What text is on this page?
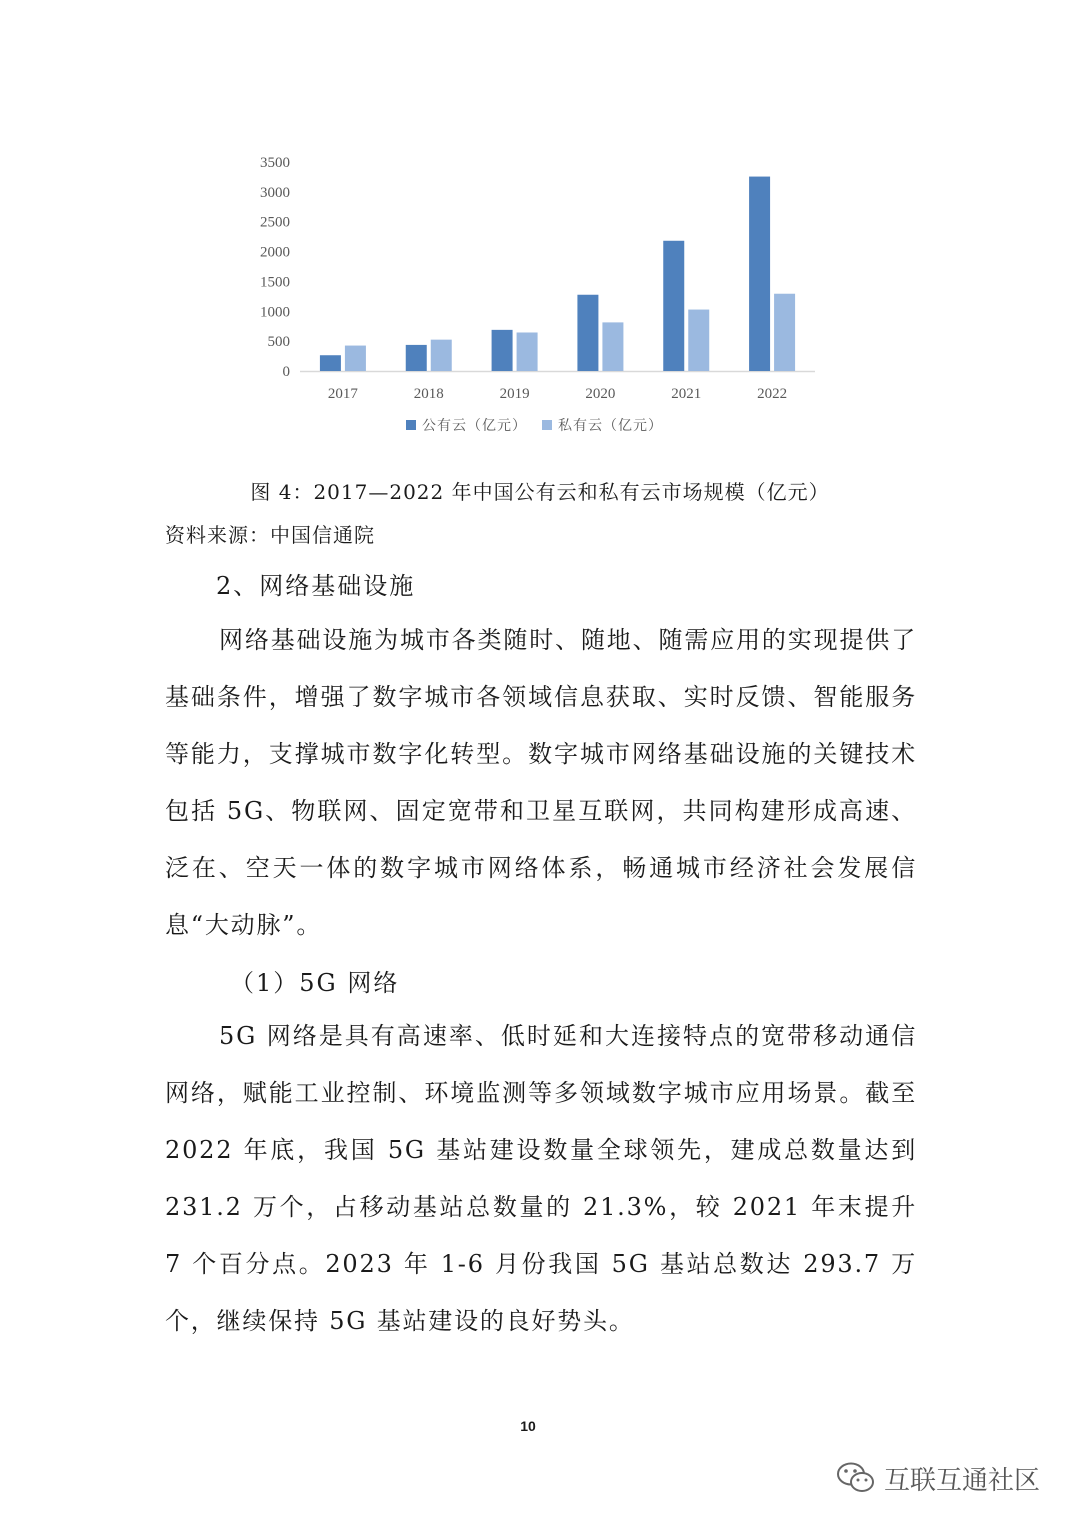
0
500
1000
1500
2000
2500
3000
3500
2017	2018	2019	2020	2021	2022
公有云（亿元） 私有云（亿元）
图 4：2017—2022 年中国公有云和私有云市场规模（亿元）
资料来源：中国信通院
2、网络基础设施

网络基础设施为城市各类随时、随地、随需应用的实现提供了基础条件，增强了数字城市各领域信息获取、实时反馈、智能服务等能力，支撑城市数字化转型。数字城市网络基础设施的关键技术包括 5G、物联网、固定宽带和卫星互联网，共同构建形成高速、泛在、空天一体的数字城市网络体系，畅通城市经济社会发展信息“大动脉”。

（1）5G 网络

5G 网络是具有高速率、低时延和大连接特点的宽带移动通信网络，赋能工业控制、环境监测等多领域数字城市应用场景。截至 2022 年底，我国 5G 基站建设数量全球领先，建成总数量达到 231.2 万个，占移动基站总数量的 21.3%，较 2021 年末提升 7 个百分点。2023 年 1-6 月份我国 5G 基站总数达 293.7 万个，继续保持 5G 基站建设的良好势头。

10
互联互通社区
